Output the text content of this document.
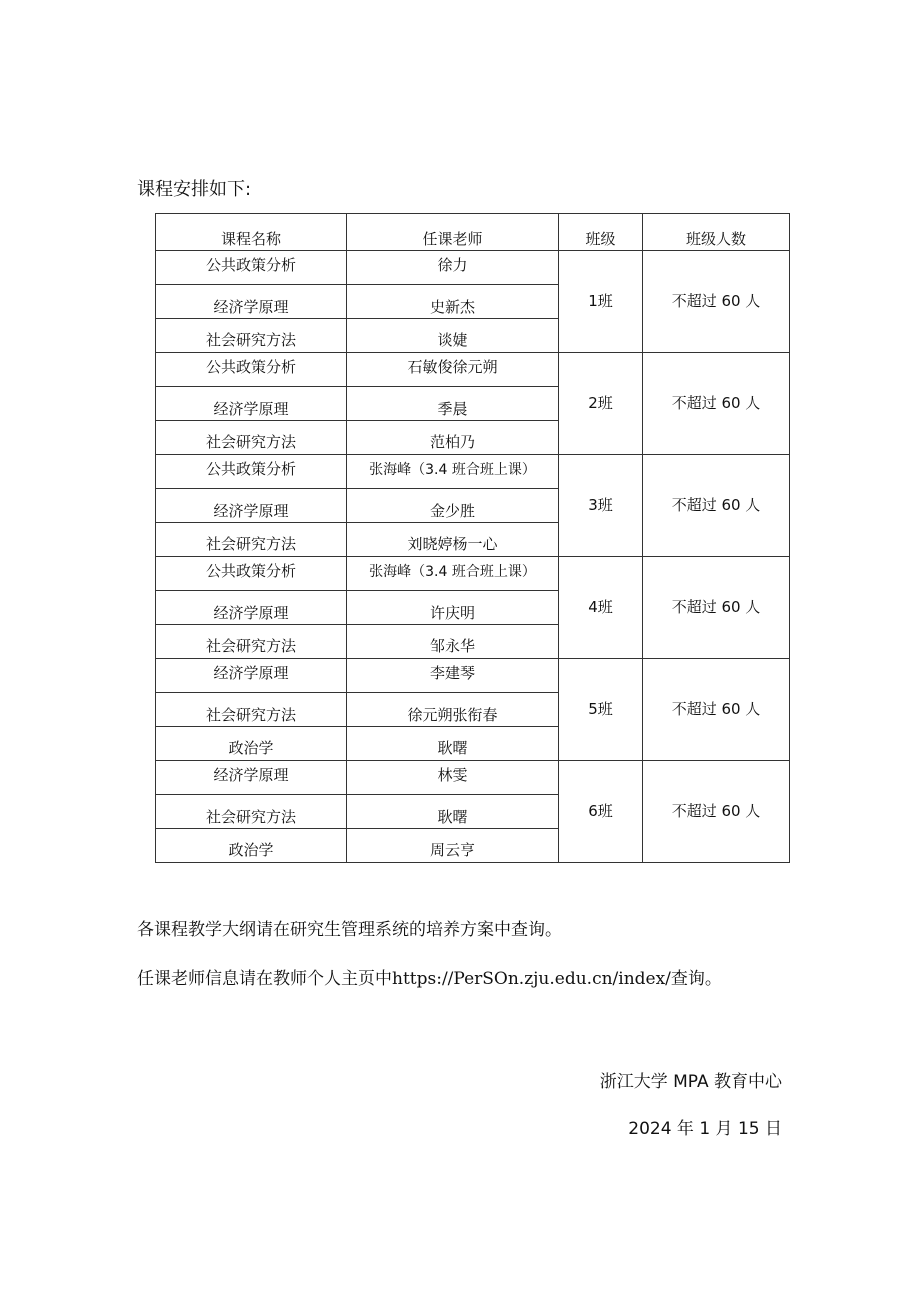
课程安排如下:
课程名称	任课老师	班级	班级人数

公共政策分析	徐力	1班	不超过 60 人

经济学原理	史新杰		

社会研究方法	谈婕		

公共政策分析	石敏俊徐元朔	2班	不超过 60 人

经济学原理	季晨		

社会研究方法	范柏乃		

公共政策分析	张海峰（3.4 班合班上课）	3班	不超过 60 人

经济学原理	金少胜		

社会研究方法	刘晓婷杨一心		

公共政策分析	张海峰（3.4 班合班上课）	4班	不超过 60 人

经济学原理	许庆明		

社会研究方法	邹永华		

经济学原理	李建琴	5班	不超过 60 人

社会研究方法	徐元朔张衔春		

政治学	耿曙		

经济学原理	林雯	6班	不超过 60 人

社会研究方法	耿曙		

政治学	周云亨		
各课程教学大纲请在研究生管理系统的培养方案中查询。
任课老师信息请在教师个人主页中https://PerSOn.zju.edu.cn/index/查询。
浙江大学 MPA 教育中心
2024 年 1 月 15 日
